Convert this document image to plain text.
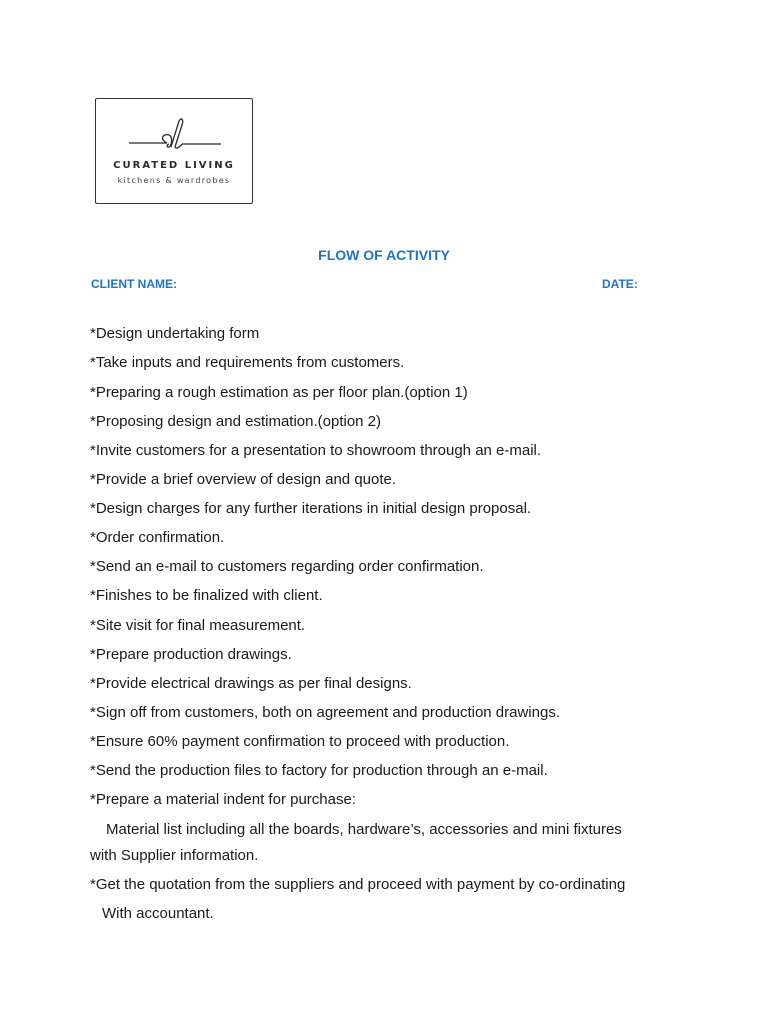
CURATED LIVING
kitchens & wardrobes
FLOW OF ACTIVITY
CLIENT NAME:	DATE:
*Design undertaking form
*Take inputs and requirements from customers.
*Preparing a rough estimation as per floor plan.(option 1)
*Proposing design and estimation.(option 2)
*Invite customers for a presentation to showroom through an e-mail.
*Provide a brief overview of design and quote.
*Design charges for any further iterations in initial design proposal.
*Order confirmation.
*Send an e-mail to customers regarding order confirmation.
*Finishes to be finalized with client.
*Site visit for final measurement.
*Prepare production drawings.
*Provide electrical drawings as per final designs.
*Sign off from customers, both on agreement and production drawings.
*Ensure 60% payment confirmation to proceed with production.
*Send the production files to factory for production through an e-mail.
*Prepare a material indent for purchase:
Material list including all the boards, hardware’s, accessories and mini fixtures
with Supplier information.
*Get the quotation from the suppliers and proceed with payment by co-ordinating
With accountant.
